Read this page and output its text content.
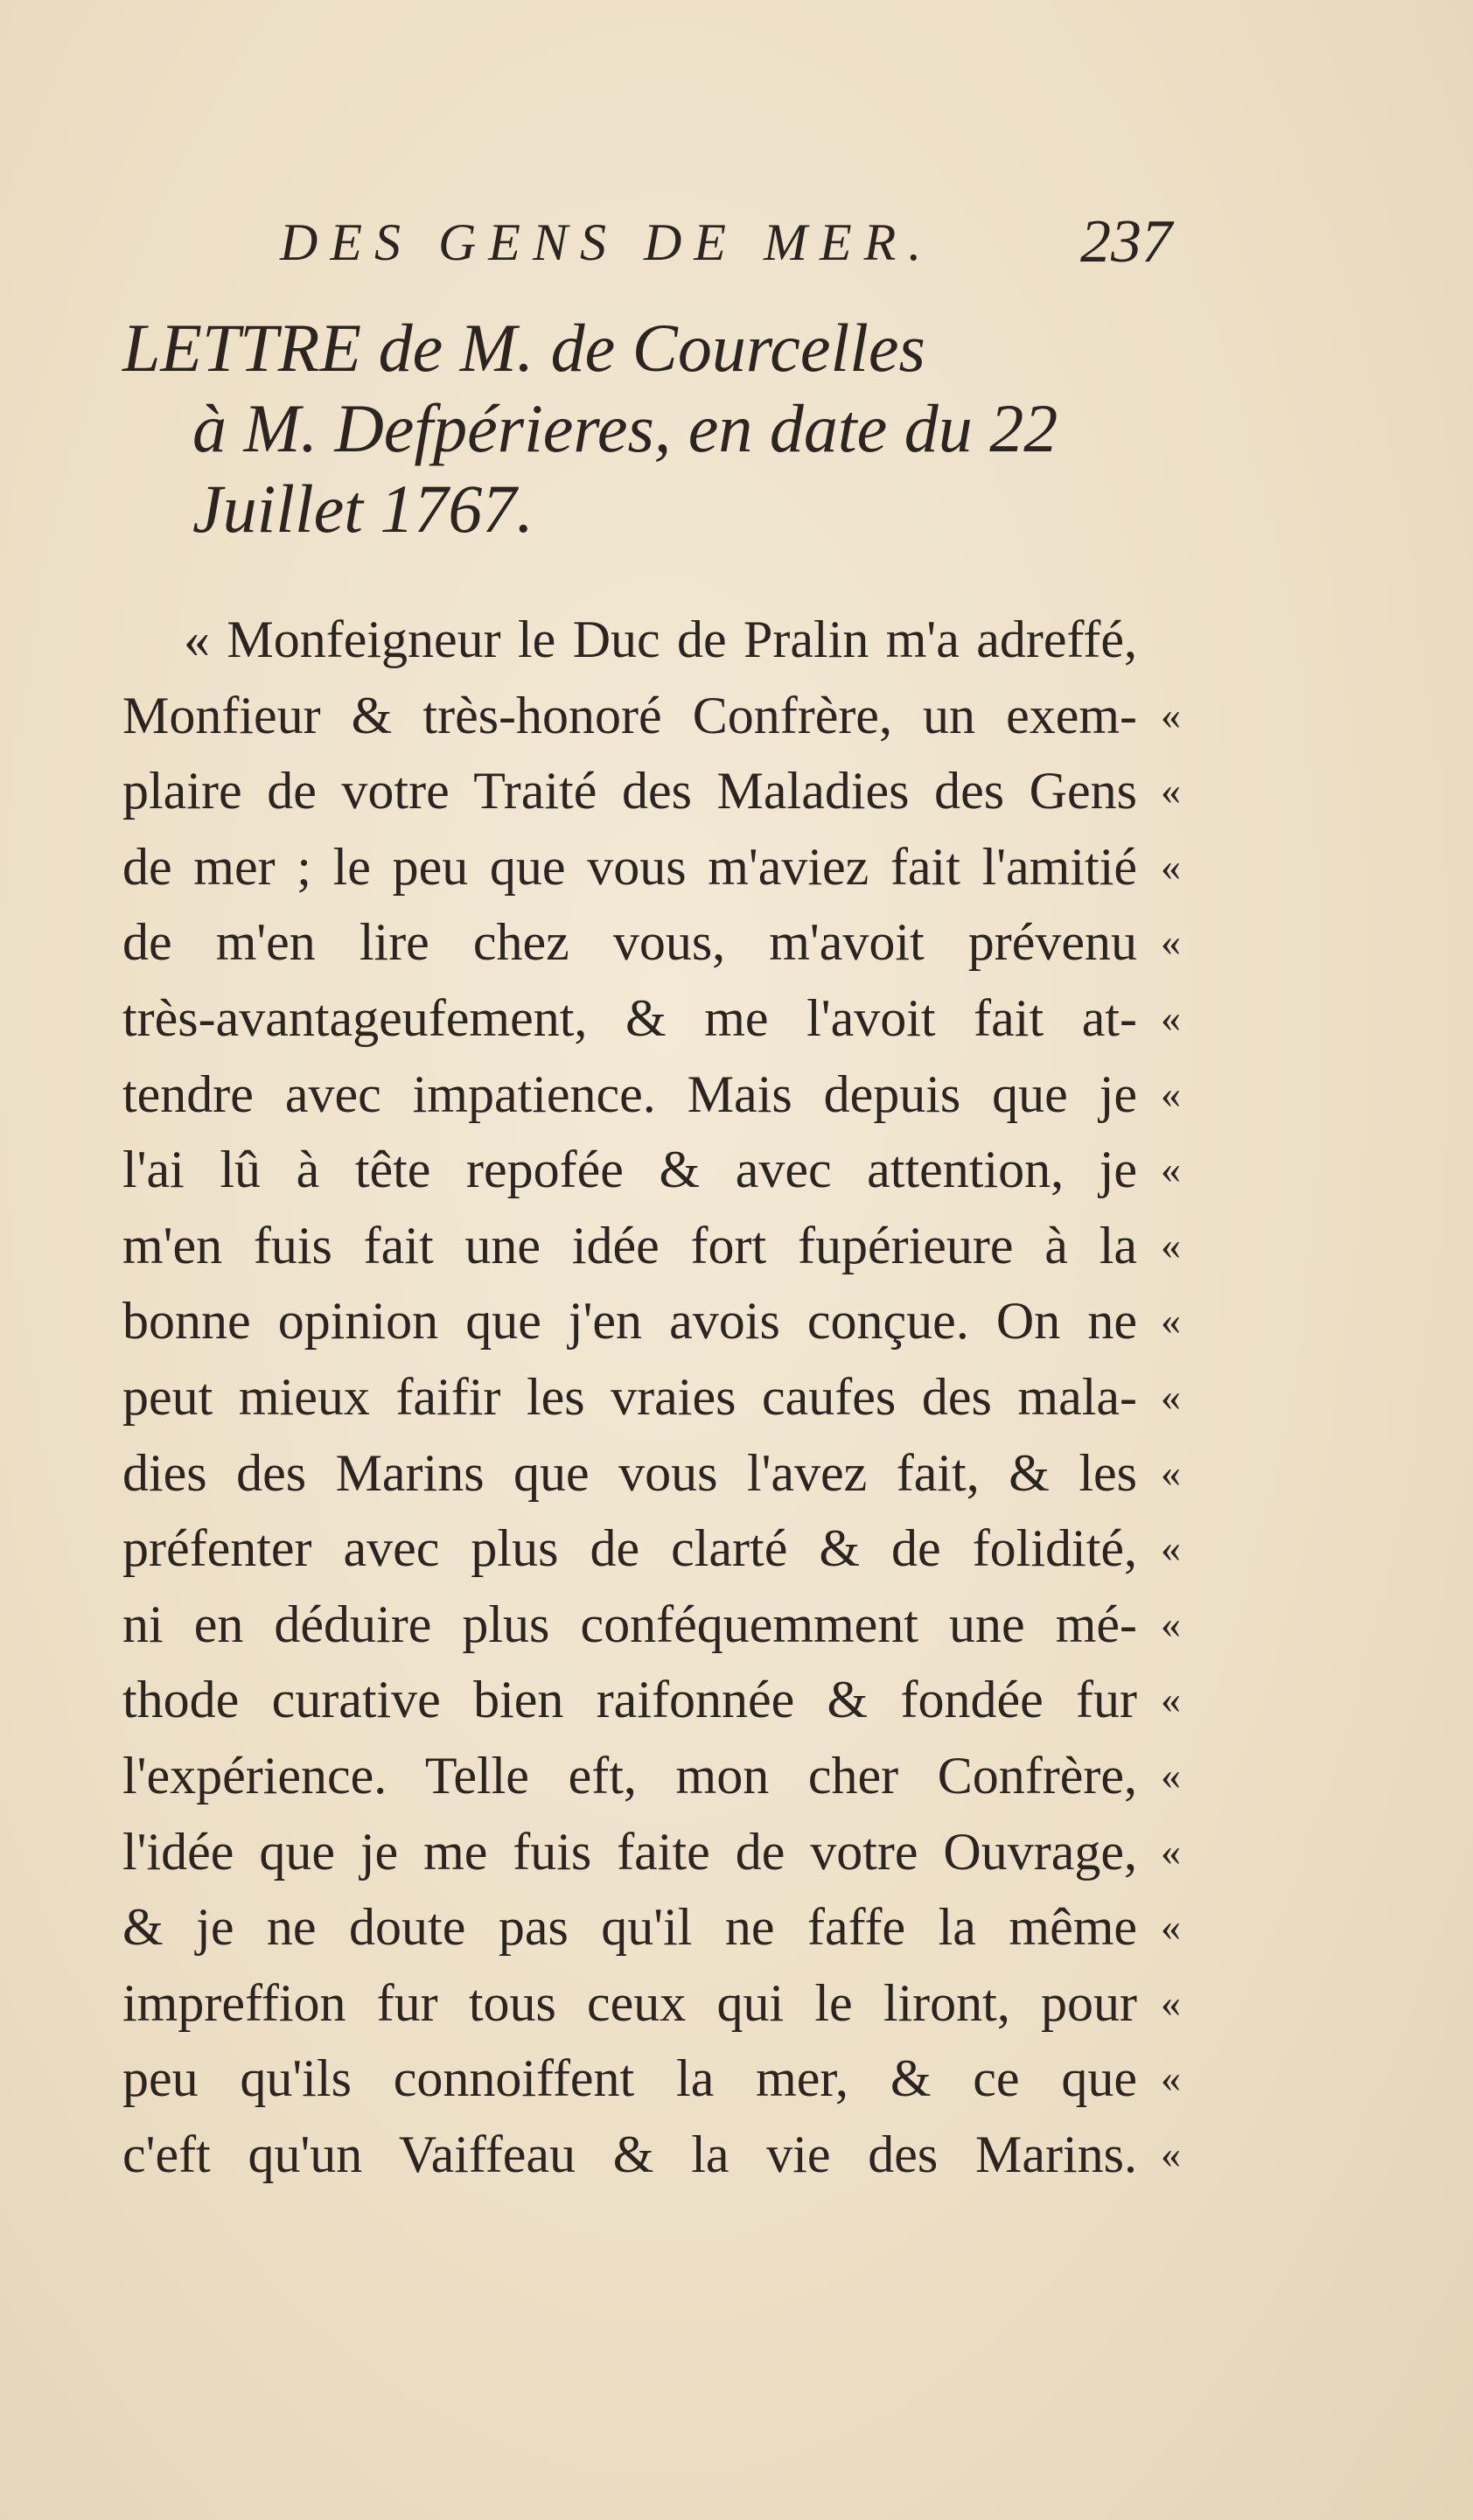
DES GENS DE MER. 237
LETTRE de M. de Courcelles
à M. Defpérieres, en date du 22
Juillet 1767.
« Monfeigneur le Duc de Pralin m'a adreffé,
Monfieur & très-honoré Confrère, un exem- «
plaire de votre Traité des Maladies des Gens «
de mer ; le peu que vous m'aviez fait l'amitié «
de m'en lire chez vous, m'avoit prévenu «
très-avantageufement, & me l'avoit fait at- «
tendre avec impatience. Mais depuis que je «
l'ai lû à tête repofée & avec attention, je «
m'en fuis fait une idée fort fupérieure à la «
bonne opinion que j'en avois conçue. On ne «
peut mieux faifir les vraies caufes des mala- «
dies des Marins que vous l'avez fait, & les «
préfenter avec plus de clarté & de folidité, «
ni en déduire plus conféquemment une mé- «
thode curative bien raifonnée & fondée fur «
l'expérience. Telle eft, mon cher Confrère, «
l'idée que je me fuis faite de votre Ouvrage, «
& je ne doute pas qu'il ne faffe la même «
impreffion fur tous ceux qui le liront, pour «
peu qu'ils connoiffent la mer, & ce que «
c'eft qu'un Vaiffeau & la vie des Marins. «
